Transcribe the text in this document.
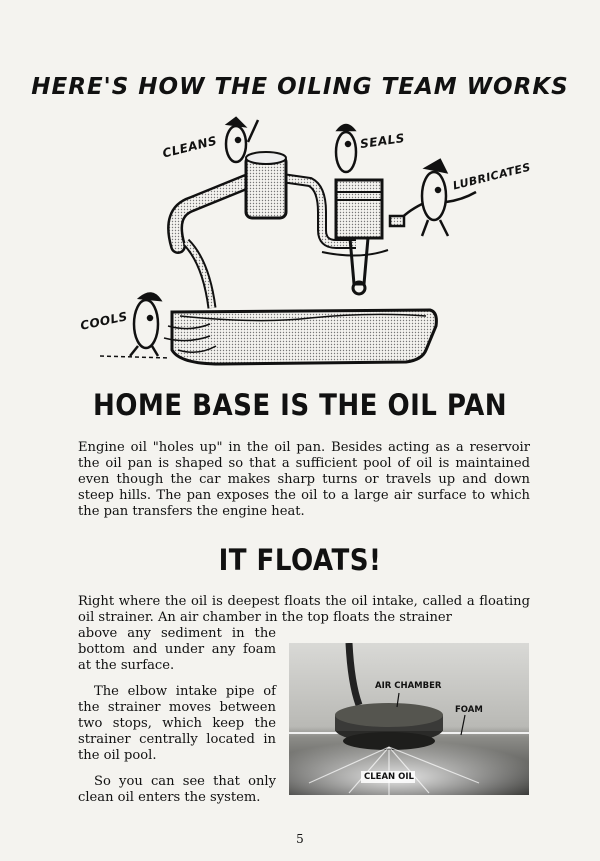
HERE'S HOW THE OILING TEAM WORKS
CLEANS	SEALS
LUBRICATES
COOLS
HOME BASE IS THE OIL PAN

Engine oil "holes up" in the oil pan. Besides acting as a reservoir the oil pan is shaped so that a sufficient pool of oil is maintained even though the car makes sharp turns or travels up and down steep hills. The pan exposes the oil to a large air surface to which the pan transfers the engine heat.

IT FLOATS!

Right where the oil is deepest floats the oil intake, called a floating oil strainer. An air chamber in the top floats the strainer

above any sediment in the bottom and under any foam at the surface.

The elbow intake pipe of the strainer moves between two stops, which keep the strainer centrally located in the oil pool.

So you can see that only clean oil enters the system.

AIR CHAMBER
FOAM
CLEAN OIL
5
